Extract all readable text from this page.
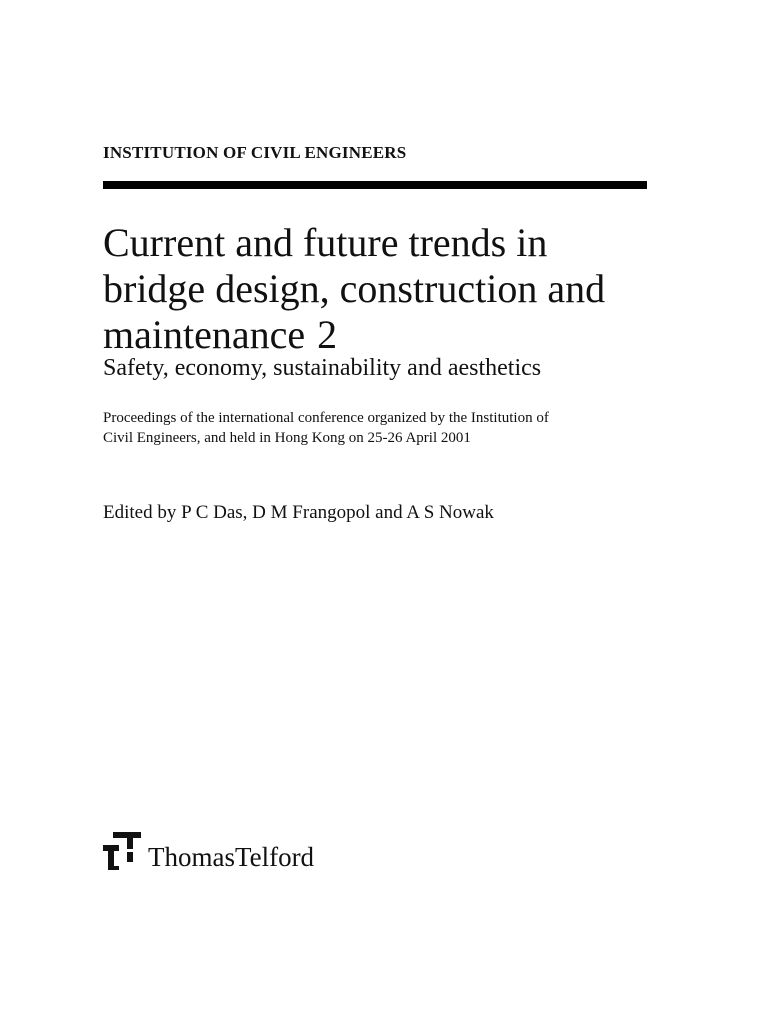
INSTITUTION OF CIVIL ENGINEERS
Current and future trends in
bridge design, construction and
maintenance 2
Safety, economy, sustainability and aesthetics
Proceedings of the international conference organized by the Institution of
Civil Engineers, and held in Hong Kong on 25-26 April 2001
Edited by P C Das, D M Frangopol and A S Nowak
ThomasTelford
